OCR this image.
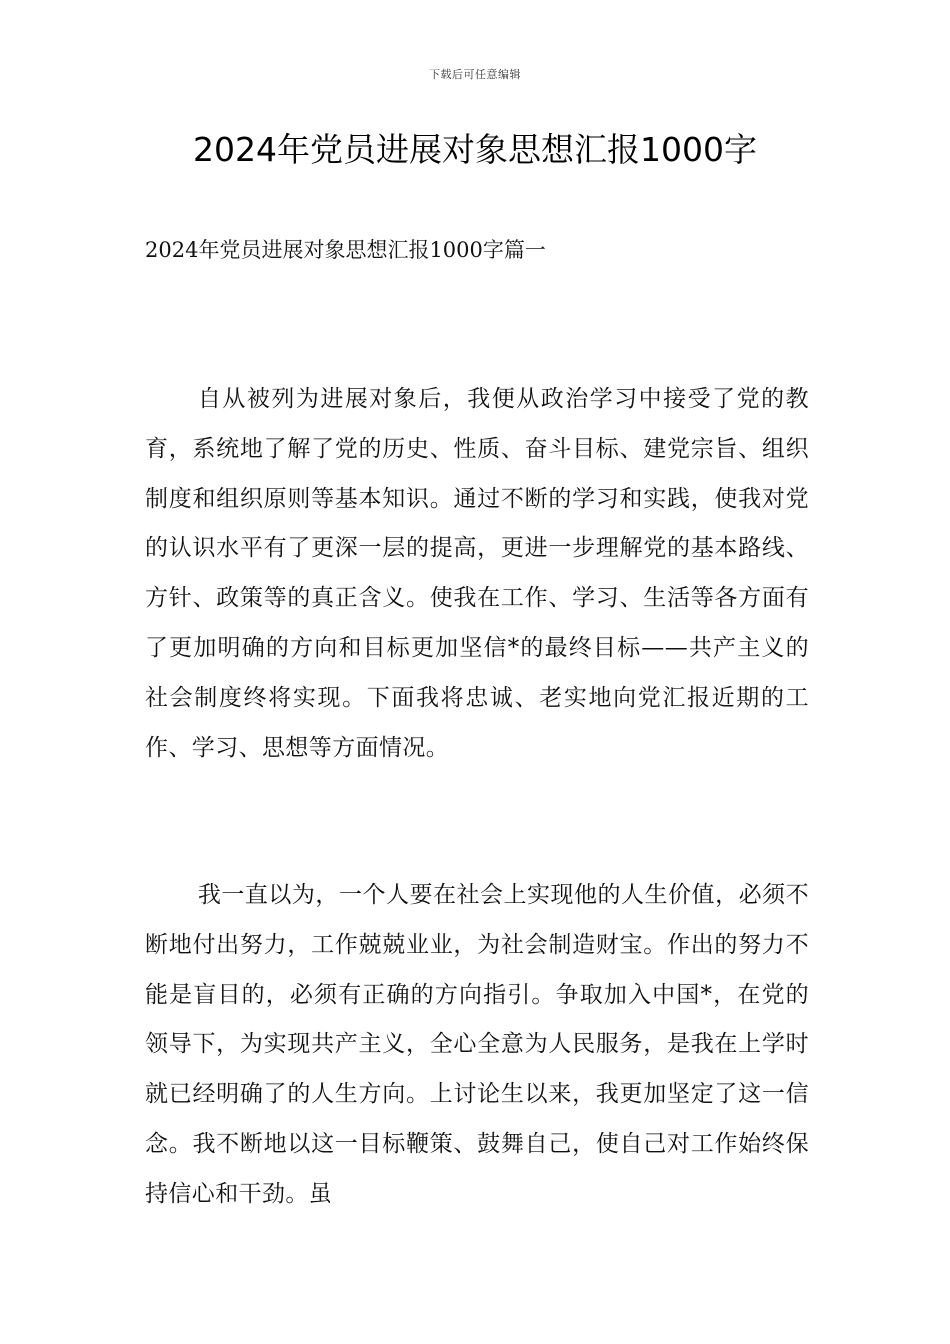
下载后可任意编辑
2024年党员进展对象思想汇报1000字

2024年党员进展对象思想汇报1000字篇一

自从被列为进展对象后，我便从政治学习中接受了党的教育，系统地了解了党的历史、性质、奋斗目标、建党宗旨、组织制度和组织原则等基本知识。通过不断的学习和实践，使我对党的认识水平有了更深一层的提高，更进一步理解党的基本路线、方针、政策等的真正含义。使我在工作、学习、生活等各方面有了更加明确的方向和目标更加坚信*的最终目标——共产主义的社会制度终将实现。下面我将忠诚、老实地向党汇报近期的工作、学习、思想等方面情况。

我一直以为，一个人要在社会上实现他的人生价值，必须不断地付出努力，工作兢兢业业，为社会制造财宝。作出的努力不能是盲目的，必须有正确的方向指引。争取加入中国*，在党的领导下，为实现共产主义，全心全意为人民服务，是我在上学时就已经明确了的人生方向。上讨论生以来，我更加坚定了这一信念。我不断地以这一目标鞭策、鼓舞自己，使自己对工作始终保持信心和干劲。虽
